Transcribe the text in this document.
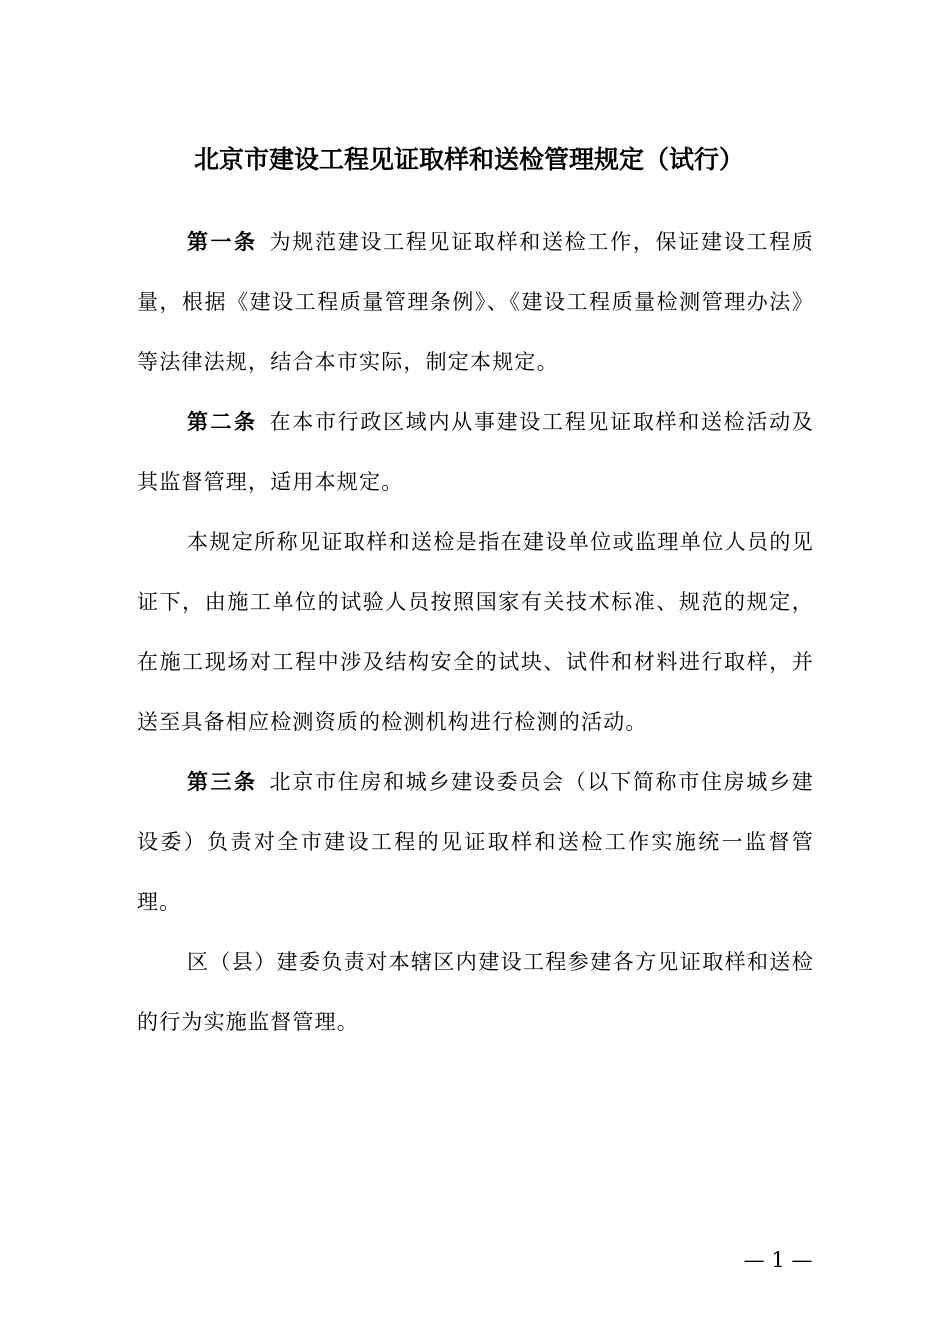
北京市建设工程见证取样和送检管理规定（试行）

第一条 为规范建设工程见证取样和送检工作，保证建设工程质量，根据《建设工程质量管理条例》、《建设工程质量检测管理办法》等法律法规，结合本市实际，制定本规定。

第二条 在本市行政区域内从事建设工程见证取样和送检活动及其监督管理，适用本规定。

本规定所称见证取样和送检是指在建设单位或监理单位人员的见证下，由施工单位的试验人员按照国家有关技术标准、规范的规定，在施工现场对工程中涉及结构安全的试块、试件和材料进行取样，并送至具备相应检测资质的检测机构进行检测的活动。

第三条 北京市住房和城乡建设委员会（以下简称市住房城乡建设委）负责对全市建设工程的见证取样和送检工作实施统一监督管理。

区（县）建委负责对本辖区内建设工程参建各方见证取样和送检的行为实施监督管理。

— 1 —
